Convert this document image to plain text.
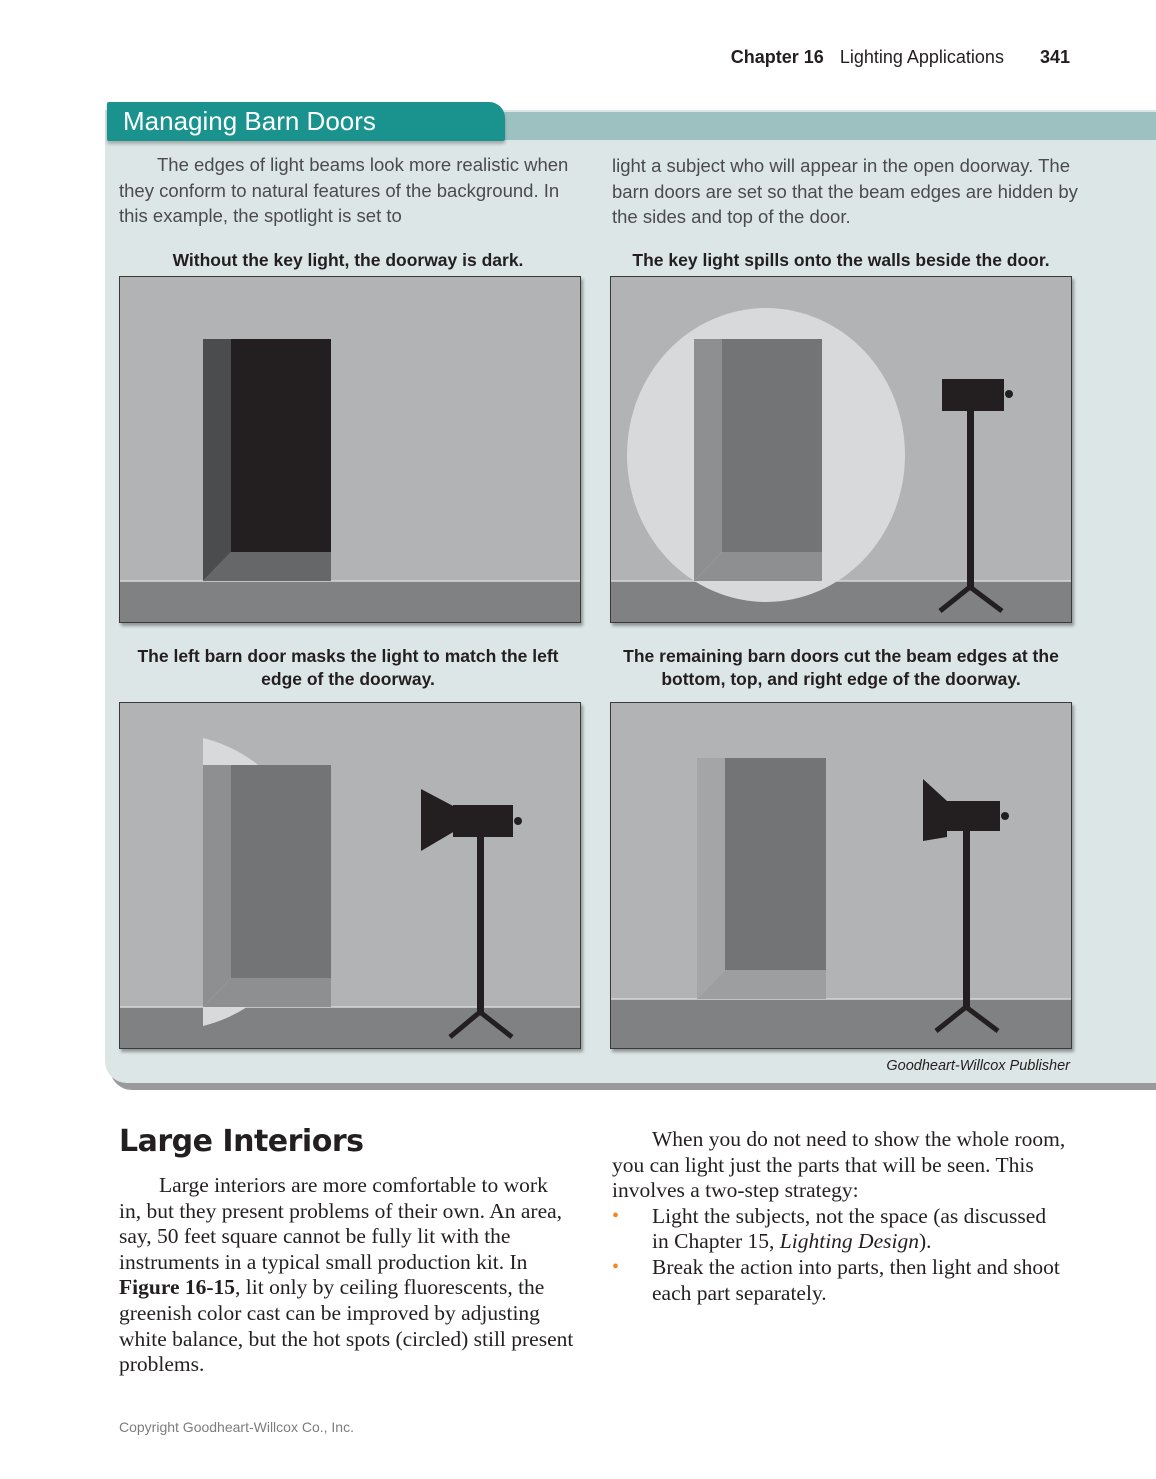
Chapter 16 Lighting Applications 341
Managing Barn Doors
The edges of light beams look more realistic when they conform to natural features of the background. In this example, the spotlight is set to
light a subject who will appear in the open doorway. The barn doors are set so that the beam edges are hidden by the sides and top of the door.
Without the key light, the doorway is dark.	The key light spills onto the walls beside the door.
The left barn door masks the light to match the left edge of the doorway.
The remaining barn doors cut the beam edges at the bottom, top, and right edge of the doorway.
Goodheart-Willcox Publisher
Large Interiors

Large interiors are more comfortable to work in, but they present problems of their own. An area, say, 50 feet square cannot be fully lit with the instruments in a typical small production kit. In Figure 16-15, lit only by ceiling fluorescents, the greenish color cast can be improved by adjusting white balance, but the hot spots (circled) still present problems.

When you do not need to show the whole room, you can light just the parts that will be seen. This involves a two-step strategy:

• Light the subjects, not the space (as discussed in Chapter 15, Lighting Design).
• Break the action into parts, then light and shoot each part separately.
Copyright Goodheart-Willcox Co., Inc.
